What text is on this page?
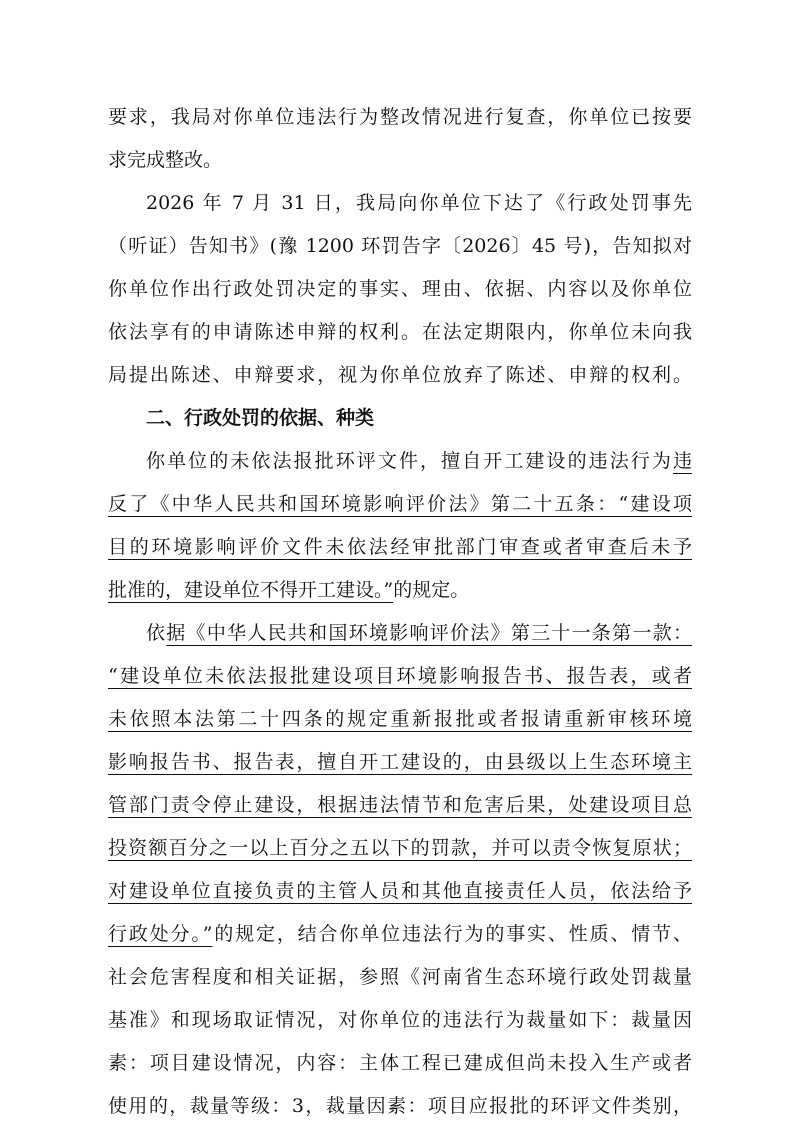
要求，我局对你单位违法行为整改情况进行复查，你单位已按要
求完成整改。
2026 年 7 月 31 日，我局向你单位下达了《行政处罚事先
（听证）告知书》(豫 1200 环罚告字〔2026〕45 号)，告知拟对
你单位作出行政处罚决定的事实、理由、依据、内容以及你单位
依法享有的申请陈述申辩的权利。在法定期限内，你单位未向我
局提出陈述、申辩要求，视为你单位放弃了陈述、申辩的权利。
二、行政处罚的依据、种类
你单位的未依法报批环评文件，擅自开工建设的违法行为违
反了《中华人民共和国环境影响评价法》第二十五条：“建设项
目的环境影响评价文件未依法经审批部门审查或者审查后未予
批准的，建设单位不得开工建设。”的规定。
依据《中华人民共和国环境影响评价法》第三十一条第一款：
“建设单位未依法报批建设项目环境影响报告书、报告表，或者
未依照本法第二十四条的规定重新报批或者报请重新审核环境
影响报告书、报告表，擅自开工建设的，由县级以上生态环境主
管部门责令停止建设，根据违法情节和危害后果，处建设项目总
投资额百分之一以上百分之五以下的罚款，并可以责令恢复原状；
对建设单位直接负责的主管人员和其他直接责任人员，依法给予
行政处分。”的规定，结合你单位违法行为的事实、性质、情节、
社会危害程度和相关证据，参照《河南省生态环境行政处罚裁量
基准》和现场取证情况，对你单位的违法行为裁量如下：裁量因
素：项目建设情况，内容：主体工程已建成但尚未投入生产或者
使用的，裁量等级：3，裁量因素：项目应报批的环评文件类别，
